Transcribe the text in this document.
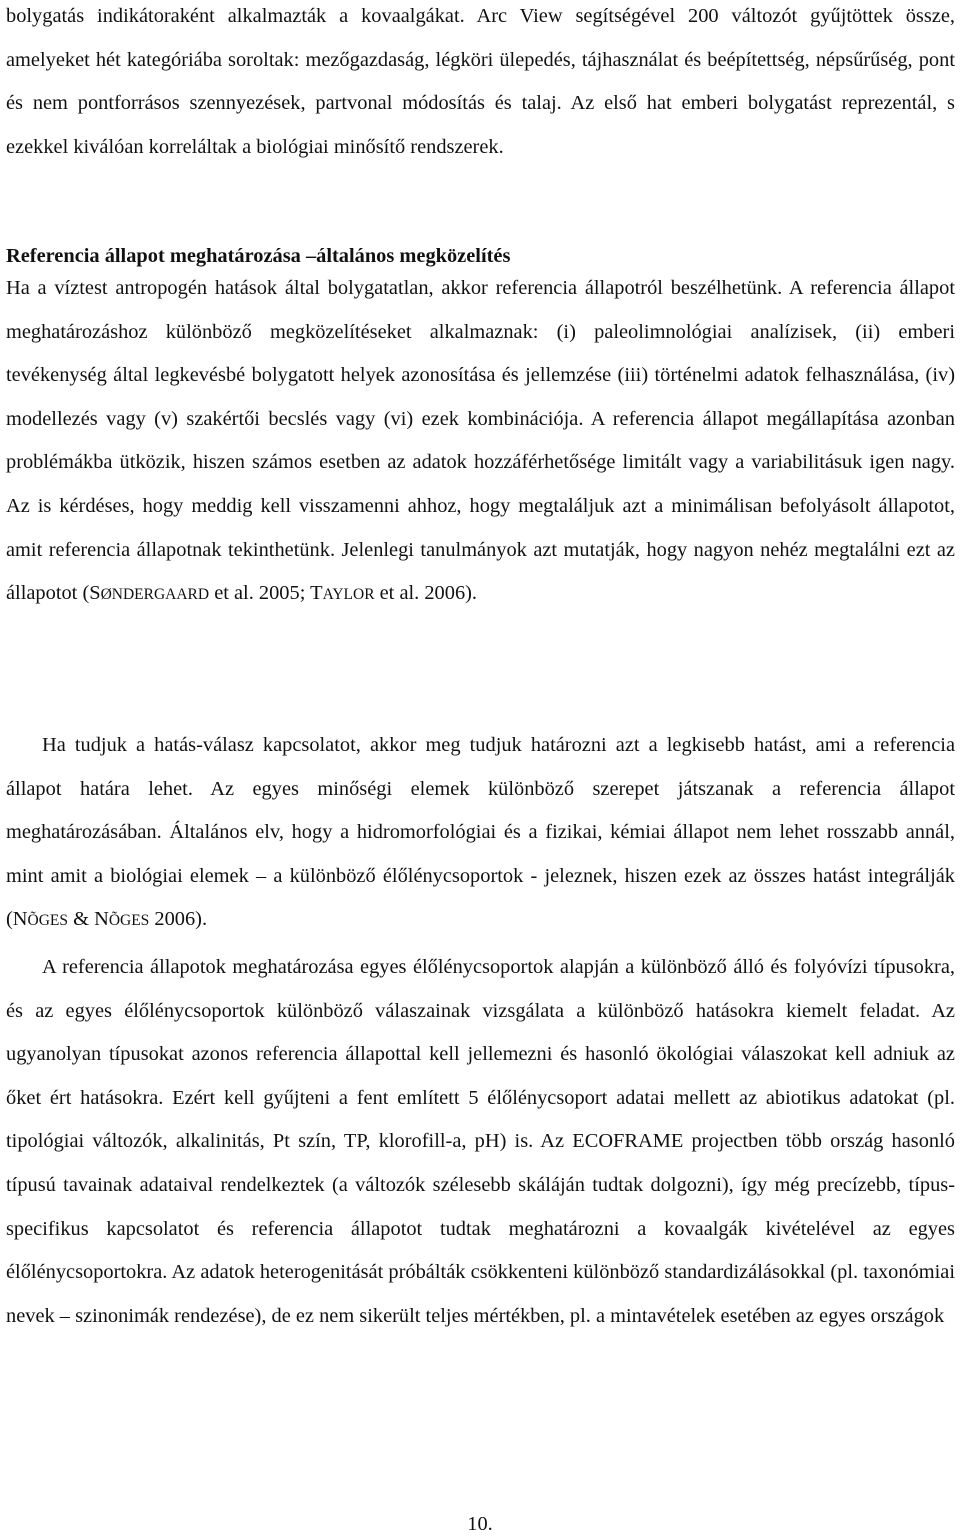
bolygatás indikátoraként alkalmazták a kovaalgákat. Arc View segítségével 200 változót gyűjtöttek össze, amelyeket hét kategóriába soroltak: mezőgazdaság, légköri ülepedés, tájhasználat és beépítettség, népsűrűség, pont és nem pontforrásos szennyezések, partvonal módosítás és talaj. Az első hat emberi bolygatást reprezentál, s ezekkel kiválóan korreláltak a biológiai minősítő rendszerek.

Referencia állapot meghatározása –általános megközelítés

Ha a víztest antropogén hatások által bolygatatlan, akkor referencia állapotról beszélhetünk. A referencia állapot meghatározáshoz különböző megközelítéseket alkalmaznak: (i) paleolimnológiai analízisek, (ii) emberi tevékenység által legkevésbé bolygatott helyek azonosítása és jellemzése (iii) történelmi adatok felhasználása, (iv) modellezés vagy (v) szakértői becslés vagy (vi) ezek kombinációja. A referencia állapot megállapítása azonban problémákba ütközik, hiszen számos esetben az adatok hozzáférhetősége limitált vagy a variabilitásuk igen nagy. Az is kérdéses, hogy meddig kell visszamenni ahhoz, hogy megtaláljuk azt a minimálisan befolyásolt állapotot, amit referencia állapotnak tekinthetünk. Jelenlegi tanulmányok azt mutatják, hogy nagyon nehéz megtalálni ezt az állapotot (SØNDERGAARD et al. 2005; TAYLOR et al. 2006).

Ha tudjuk a hatás-válasz kapcsolatot, akkor meg tudjuk határozni azt a legkisebb hatást, ami a referencia állapot határa lehet. Az egyes minőségi elemek különböző szerepet játszanak a referencia állapot meghatározásában. Általános elv, hogy a hidromorfológiai és a fizikai, kémiai állapot nem lehet rosszabb annál, mint amit a biológiai elemek – a különböző élőlénycsoportok - jeleznek, hiszen ezek az összes hatást integrálják (NÕGES & NÕGES 2006).

A referencia állapotok meghatározása egyes élőlénycsoportok alapján a különböző álló és folyóvízi típusokra, és az egyes élőlénycsoportok különböző válaszainak vizsgálata a különböző hatásokra kiemelt feladat. Az ugyanolyan típusokat azonos referencia állapottal kell jellemezni és hasonló ökológiai válaszokat kell adniuk az őket ért hatásokra. Ezért kell gyűjteni a fent említett 5 élőlénycsoport adatai mellett az abiotikus adatokat (pl. tipológiai változók, alkalinitás, Pt szín, TP, klorofill-a, pH) is. Az ECOFRAME projectben több ország hasonló típusú tavainak adataival rendelkeztek (a változók szélesebb skáláján tudtak dolgozni), így még precízebb, típus-specifikus kapcsolatot és referencia állapotot tudtak meghatározni a kovaalgák kivételével az egyes élőlénycsoportokra. Az adatok heterogenitását próbálták csökkenteni különböző standardizálásokkal (pl. taxonómiai nevek – szinonimák rendezése), de ez nem sikerült teljes mértékben, pl. a mintavételek esetében az egyes országok

10.
